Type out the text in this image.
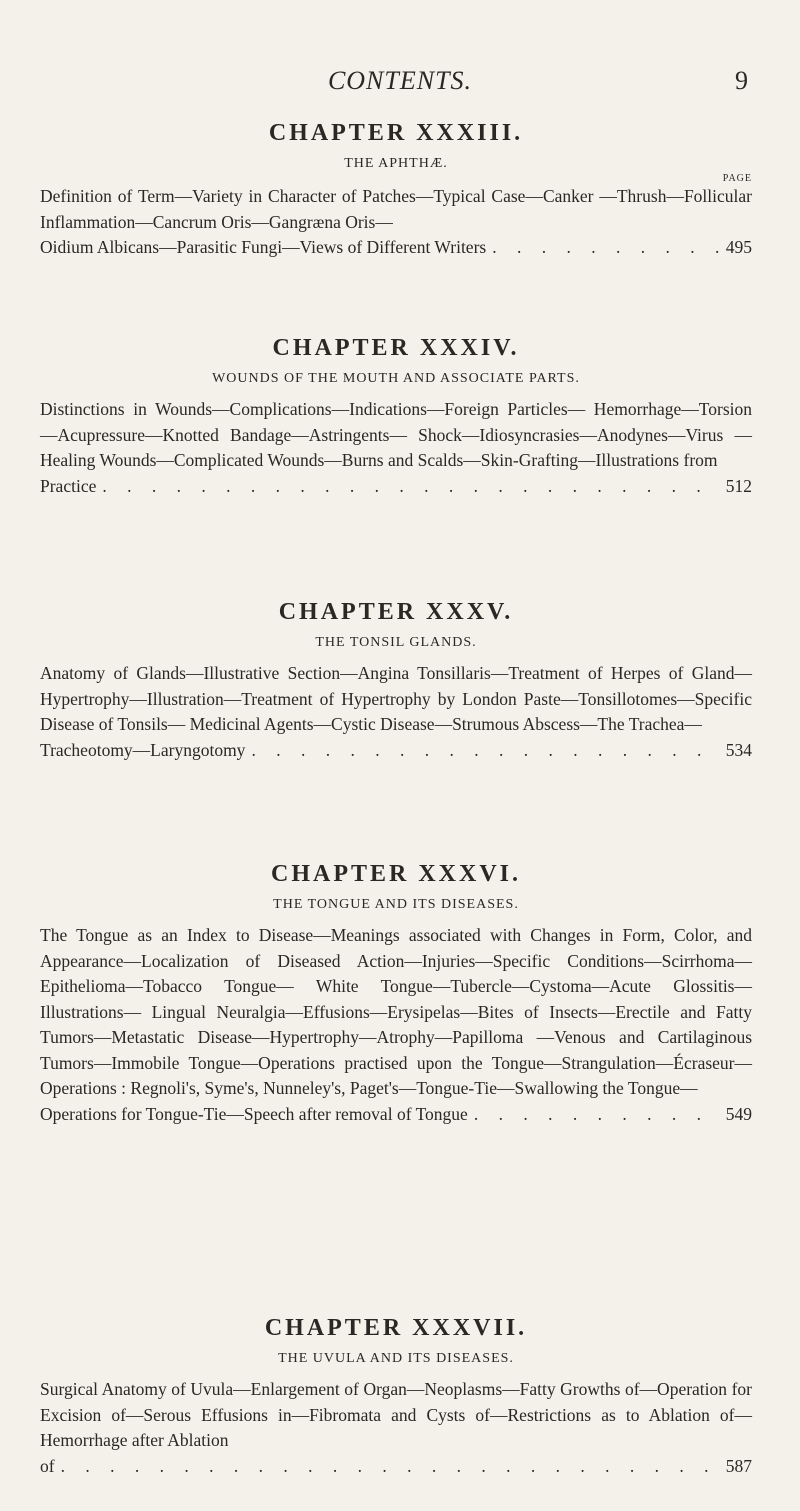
CONTENTS.	9
CHAPTER XXXIII.
THE APHTHÆ.
PAGE

Definition of Term—Variety in Character of Patches—Typical Case—Canker —Thrush—Follicular Inflammation—Cancrum Oris—Gangræna Oris—

Oidium Albicans—Parasitic Fungi—Views of Different Writers . . .	495
CHAPTER XXXIV.
WOUNDS OF THE MOUTH AND ASSOCIATE PARTS.

Distinctions in Wounds—Complications—Indications—Foreign Particles— Hemorrhage—Torsion—Acupressure—Knotted Bandage—Astringents— Shock—Idiosyncrasies—Anodynes—Virus — Healing Wounds—Complicated Wounds—Burns and Scalds—Skin-Grafting—Illustrations from

Practice . . .	512
CHAPTER XXXV.
THE TONSIL GLANDS.

Anatomy of Glands—Illustrative Section—Angina Tonsillaris—Treatment of Herpes of Gland—Hypertrophy—Illustration—Treatment of Hypertrophy by London Paste—Tonsillotomes—Specific Disease of Tonsils— Medicinal Agents—Cystic Disease—Strumous Abscess—The Trachea—

Tracheotomy—Laryngotomy . . .	534
CHAPTER XXXVI.
THE TONGUE AND ITS DISEASES.

The Tongue as an Index to Disease—Meanings associated with Changes in Form, Color, and Appearance—Localization of Diseased Action—Injuries—Specific Conditions—Scirrhoma—Epithelioma—Tobacco Tongue— White Tongue—Tubercle—Cystoma—Acute Glossitis—Illustrations— Lingual Neuralgia—Effusions—Erysipelas—Bites of Insects—Erectile and Fatty Tumors—Metastatic Disease—Hypertrophy—Atrophy—Papilloma —Venous and Cartilaginous Tumors—Immobile Tongue—Operations practised upon the Tongue—Strangulation—Écraseur—Operations : Regnoli's, Syme's, Nunneley's, Paget's—Tongue-Tie—Swallowing the Tongue—

Operations for Tongue-Tie—Speech after removal of Tongue . . .	549
CHAPTER XXXVII.
THE UVULA AND ITS DISEASES.

Surgical Anatomy of Uvula—Enlargement of Organ—Neoplasms—Fatty Growths of—Operation for Excision of—Serous Effusions in—Fibromata and Cysts of—Restrictions as to Ablation of—Hemorrhage after Ablation

of . . .	587
